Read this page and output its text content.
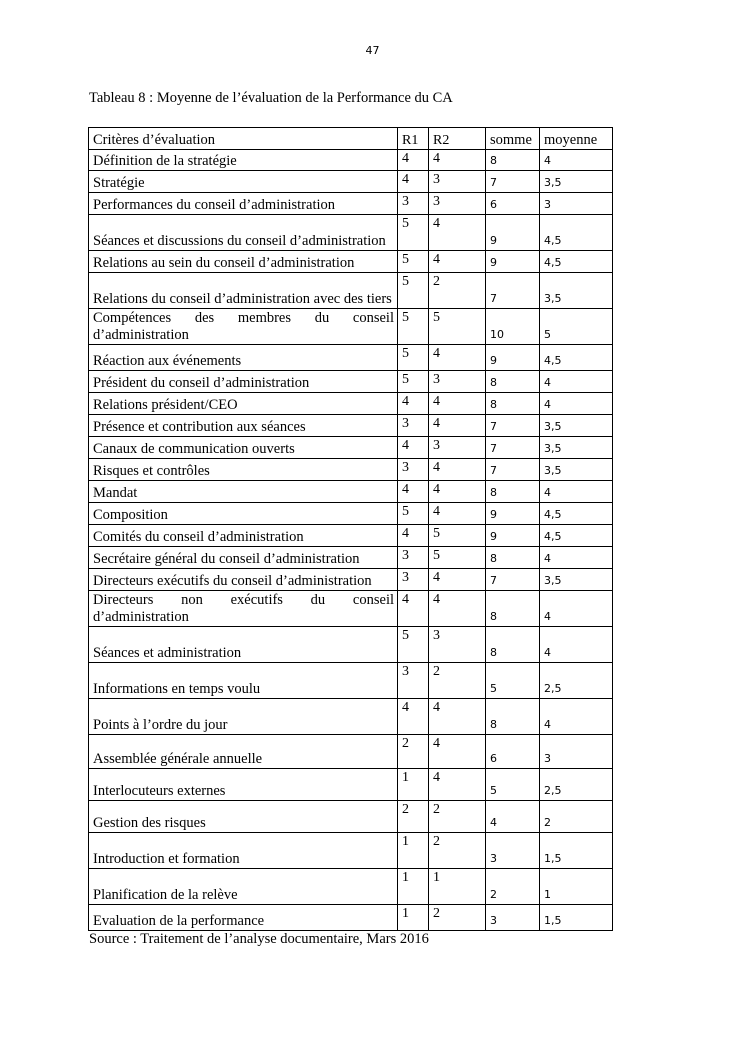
47
Tableau 8 : Moyenne de l’évaluation de la Performance du CA
Critères d’évaluation	R1	R2	somme	moyenne
Définition de la stratégie	4	4	8	4
Stratégie	4	3	7	3,5
Performances du conseil d’administration	3	3	6	3
Séances et discussions du conseil d’administration	5	4	9	4,5
Relations au sein du conseil d’administration	5	4	9	4,5
Relations du conseil d’administration avec des tiers	5	2	7	3,5
Compétences des membres du conseil d’administration	5	5	10	5
Réaction aux événements	5	4	9	4,5
Président du conseil d’administration	5	3	8	4
Relations président/CEO	4	4	8	4
Présence et contribution aux séances	3	4	7	3,5
Canaux de communication ouverts	4	3	7	3,5
Risques et contrôles	3	4	7	3,5
Mandat	4	4	8	4
Composition	5	4	9	4,5
Comités du conseil d’administration	4	5	9	4,5
Secrétaire général du conseil d’administration	3	5	8	4
Directeurs exécutifs du conseil d’administration	3	4	7	3,5
Directeurs non exécutifs du conseil d’administration	4	4	8	4
Séances et administration	5	3	8	4
Informations en temps voulu	3	2	5	2,5
Points à l’ordre du jour	4	4	8	4
Assemblée générale annuelle	2	4	6	3
Interlocuteurs externes	1	4	5	2,5
Gestion des risques	2	2	4	2
Introduction et formation	1	2	3	1,5
Planification de la relève	1	1	2	1
Evaluation de la performance	1	2	3	1,5
Source : Traitement de l’analyse documentaire, Mars 2016
